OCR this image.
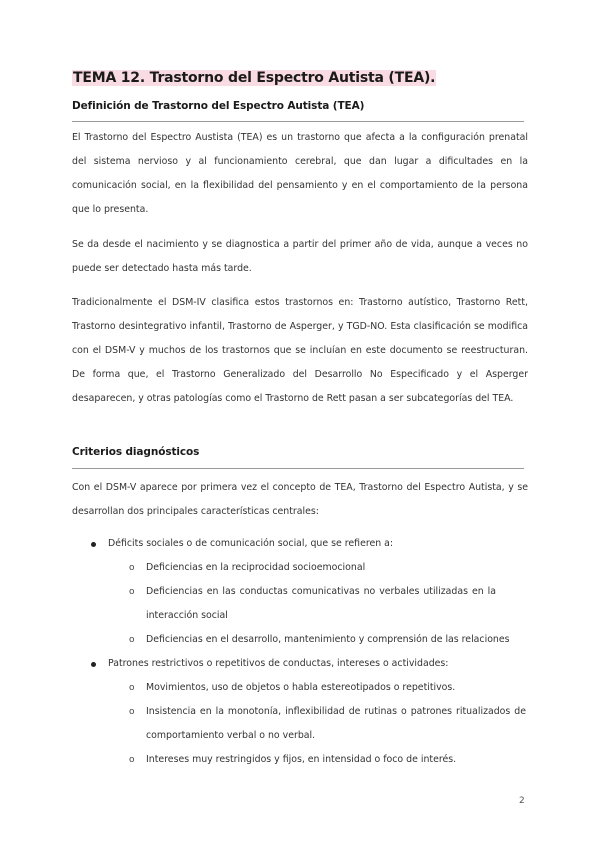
TEMA 12. Trastorno del Espectro Autista (TEA).
Definición de Trastorno del Espectro Autista (TEA)
El Trastorno del Espectro Austista (TEA) es un trastorno que afecta a la configuración prenatal del sistema nervioso y al funcionamiento cerebral, que dan lugar a dificultades en la comunicación social, en la flexibilidad del pensamiento y en el comportamiento de la persona que lo presenta.
Se da desde el nacimiento y se diagnostica a partir del primer año de vida, aunque a veces no puede ser detectado hasta más tarde.
Tradicionalmente el DSM-IV clasifica estos trastornos en: Trastorno autístico, Trastorno Rett, Trastorno desintegrativo infantil, Trastorno de Asperger, y TGD-NO. Esta clasificación se modifica con el DSM-V y muchos de los trastornos que se incluían en este documento se reestructuran. De forma que, el Trastorno Generalizado del Desarrollo No Especificado y el Asperger desaparecen, y otras patologías como el Trastorno de Rett pasan a ser subcategorías del TEA.
Criterios diagnósticos
Con el DSM-V aparece por primera vez el concepto de TEA, Trastorno del Espectro Autista, y se desarrollan dos principales características centrales:
Déficits sociales o de comunicación social, que se refieren a:
o Deficiencias en la reciprocidad socioemocional
o Deficiencias en las conductas comunicativas no verbales utilizadas en la interacción social
o Deficiencias en el desarrollo, mantenimiento y comprensión de las relaciones
Patrones restrictivos o repetitivos de conductas, intereses o actividades:
o Movimientos, uso de objetos o habla estereotipados o repetitivos.
o Insistencia en la monotonía, inflexibilidad de rutinas o patrones ritualizados de comportamiento verbal o no verbal.
o Intereses muy restringidos y fijos, en intensidad o foco de interés.
2
